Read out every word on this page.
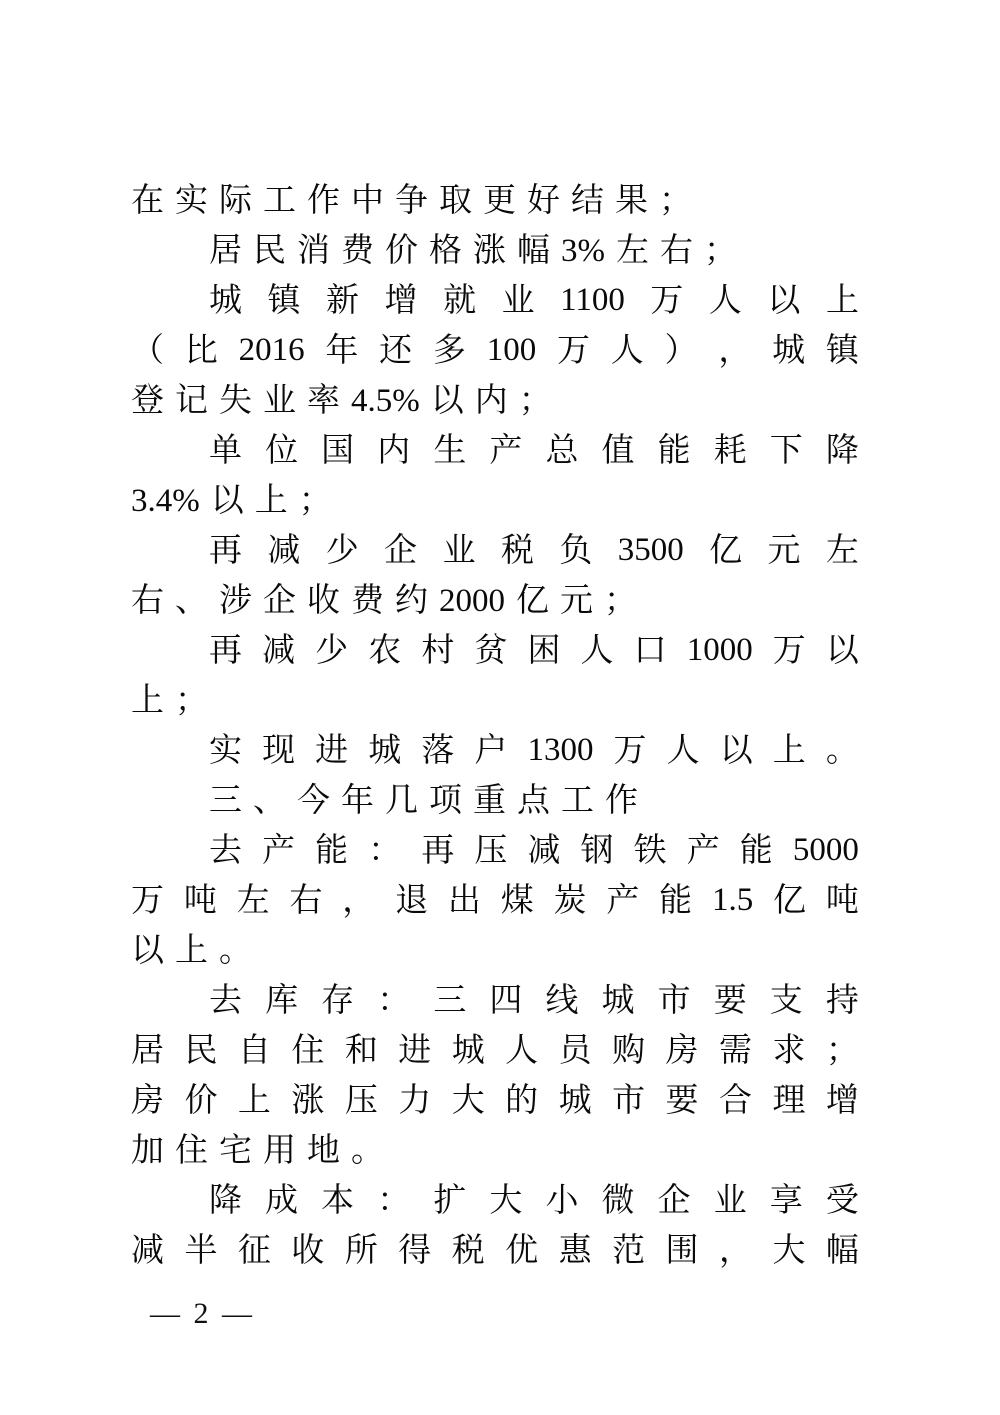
在实际工作中争取更好结果；
居民消费价格涨幅3% 左右；
城 镇 新 增 就 业 1100 万 人 以 上
（ 比 2016 年 还 多 100 万 人 ） ， 城 镇
登记失业率4.5% 以内；
单 位 国 内 生 产 总 值 能 耗 下 降
3.4% 以上；
再 减 少 企 业 税 负 3500 亿 元 左
右、涉企收费约2000 亿元；
再 减 少 农 村 贫 困 人 口 1000 万 以
上；
实 现 进 城 落 户 1300 万 人 以 上 。
三、今年几项重点工作
去 产 能 ： 再 压 减 钢 铁 产 能 5000
万 吨 左 右 ， 退 出 煤 炭 产 能 1.5 亿 吨
以上。
去 库 存 ： 三 四 线 城 市 要 支 持
居 民 自 住 和 进 城 人 员 购 房 需 求 ；
房 价 上 涨 压 力 大 的 城 市 要 合 理 增
加住宅用地。
降 成 本 ： 扩 大 小 微 企 业 享 受
减 半 征 收 所 得 税 优 惠 范 围 ， 大 幅
— 2 —
